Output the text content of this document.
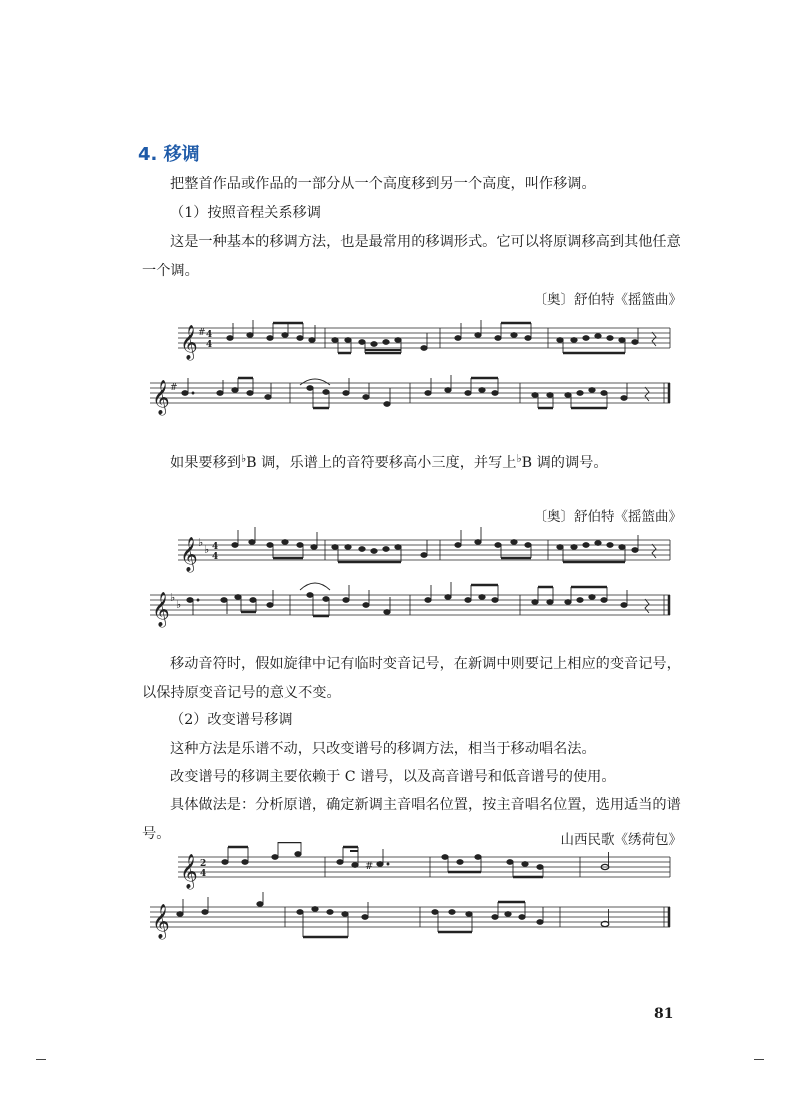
4. 移调
把整首作品或作品的一部分从一个高度移到另一个高度，叫作移调。
（1）按照音程关系移调
这是一种基本的移调方法，也是最常用的移调形式。它可以将原调移高到其他任意一个调。
〔奥〕舒伯特《摇篮曲》
𝄞 # 4
4
𝄞 #
如果要移到♭B 调，乐谱上的音符要移高小三度，并写上♭B 调的调号。
〔奥〕舒伯特《摇篮曲》
𝄞 ♭
♭ 4
4
𝄞 ♭
♭
移动音符时，假如旋律中记有临时变音记号，在新调中则要记上相应的变音记号，以保持原变音记号的意义不变。
（2）改变谱号移调
这种方法是乐谱不动，只改变谱号的移调方法，相当于移动唱名法。
改变谱号的移调主要依赖于 C 谱号，以及高音谱号和低音谱号的使用。
具体做法是：分析原谱，确定新调主音唱名位置，按主音唱名位置，选用适当的谱号。	山西民歌《绣荷包》
𝄞 2
4
𝄞
#
81
